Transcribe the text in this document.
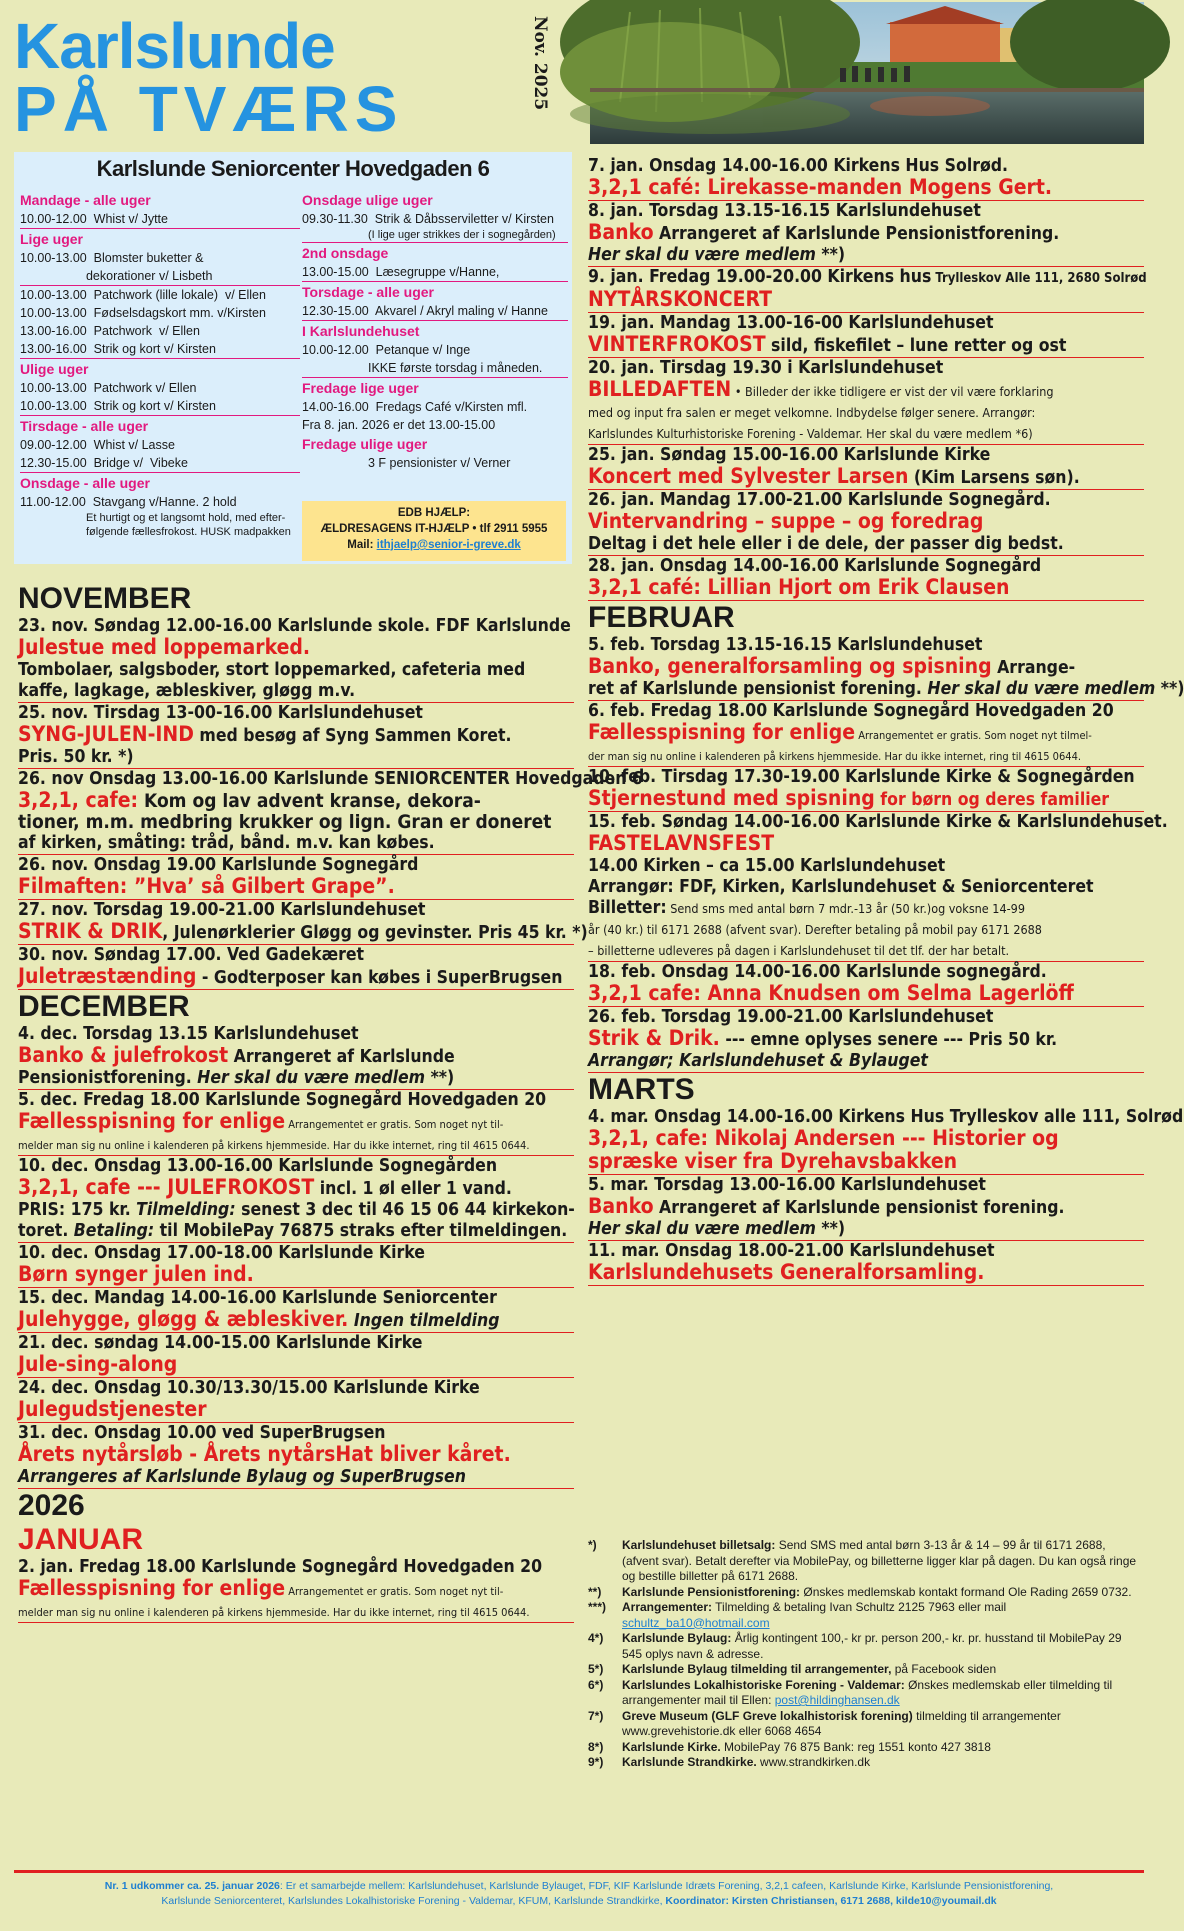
Karlslunde
PÅ TVÆRS	Nov. 2025
Karlslunde Seniorcenter Hovedgaden 6
Mandage - alle uger
10.00-12.00  Whist v/ Jytte
Lige uger
10.00-13.00  Blomster buketter &
dekorationer v/ Lisbeth
10.00-13.00  Patchwork (lille lokale)  v/ Ellen
10.00-13.00  Fødselsdagskort mm. v/Kirsten
13.00-16.00  Patchwork  v/ Ellen
13.00-16.00  Strik og kort v/ Kirsten
Ulige uger
10.00-13.00  Patchwork v/ Ellen
10.00-13.00  Strik og kort v/ Kirsten
Tirsdage - alle uger
09.00-12.00  Whist v/ Lasse
12.30-15.00  Bridge v/  Vibeke
Onsdage - alle uger
11.00-12.00  Stavgang v/Hanne. 2 hold
Et hurtigt og et langsomt hold, med efter-
følgende fællesfrokost. HUSK madpakken
Onsdage ulige uger
09.30-11.30  Strik & Dåbsserviletter v/ Kirsten
(I lige uger strikkes der i sognegården)
2nd onsdage
13.00-15.00  Læsegruppe v/Hanne,
Torsdage - alle uger
12.30-15.00  Akvarel / Akryl maling v/ Hanne
I Karlslundehuset
10.00-12.00  Petanque v/ Inge
IKKE første torsdag i måneden.
Fredage lige uger
14.00-16.00  Fredags Café v/Kirsten mfl.
Fra 8. jan. 2026 er det 13.00-15.00
Fredage ulige uger
3 F pensionister v/ Verner
EDB HJÆLP:
ÆLDRESAGENS IT-HJÆLP • tlf 2911 5955
Mail: ithjaelp@senior-i-greve.dk
NOVEMBER
23. nov. Søndag 12.00-16.00 Karlslunde skole. FDF Karlslunde
Julestue med loppemarked.
Tombolaer, salgsboder, stort loppemarked, cafeteria med
kaffe, lagkage, æbleskiver, gløgg m.v.
25. nov. Tirsdag 13-00-16.00 Karlslundehuset
SYNG-JULEN-IND med besøg af Syng Sammen Koret.
Pris. 50 kr. *)
26. nov Onsdag 13.00-16.00 Karlslunde SENIORCENTER Hovedgaden 6
3,2,1, cafe: Kom og lav advent kranse, dekora-
tioner, m.m. medbring krukker og lign. Gran er doneret
af kirken, småting: tråd, bånd. m.v. kan købes.
26. nov. Onsdag 19.00 Karlslunde Sognegård
Filmaften: ”Hva’ så Gilbert Grape”.
27. nov. Torsdag 19.00-21.00 Karlslundehuset
STRIK & DRIK, Julenørklerier Gløgg og gevinster. Pris 45 kr. *)
30. nov. Søndag 17.00. Ved Gadekæret
Juletræstænding - Godterposer kan købes i SuperBrugsen
DECEMBER
4. dec. Torsdag 13.15 Karlslundehuset
Banko & julefrokost Arrangeret af Karlslunde
Pensionistforening. Her skal du være medlem **)
5. dec. Fredag 18.00 Karlslunde Sognegård Hovedgaden 20
Fællesspisning for enlige Arrangementet er gratis. Som noget nyt til-
melder man sig nu online i kalenderen på kirkens hjemmeside. Har du ikke internet, ring til 4615 0644.
10. dec. Onsdag 13.00-16.00 Karlslunde Sognegården
3,2,1, cafe --- JULEFROKOST incl. 1 øl eller 1 vand.
PRIS: 175 kr. Tilmelding: senest 3 dec til 46 15 06 44 kirkekon-
toret. Betaling: til MobilePay 76875 straks efter tilmeldingen.
10. dec. Onsdag 17.00-18.00 Karlslunde Kirke
Børn synger julen ind.
15. dec. Mandag 14.00-16.00 Karlslunde Seniorcenter
Julehygge, gløgg & æbleskiver. Ingen tilmelding
21. dec. søndag 14.00-15.00 Karlslunde Kirke
Jule-sing-along
24. dec. Onsdag 10.30/13.30/15.00 Karlslunde Kirke
Julegudstjenester
31. dec. Onsdag 10.00 ved SuperBrugsen
Årets nytårsløb - Årets nytårsHat bliver kåret.
Arrangeres af Karlslunde Bylaug og SuperBrugsen
2026
JANUAR
2. jan. Fredag 18.00 Karlslunde Sognegård Hovedgaden 20
Fællesspisning for enlige Arrangementet er gratis. Som noget nyt til-
melder man sig nu online i kalenderen på kirkens hjemmeside. Har du ikke internet, ring til 4615 0644.
7. jan. Onsdag 14.00-16.00 Kirkens Hus Solrød.
3,2,1 café: Lirekasse-manden Mogens Gert.
8. jan. Torsdag 13.15-16.15 Karlslundehuset
Banko Arrangeret af Karlslunde Pensionistforening.
Her skal du være medlem **)
9. jan. Fredag 19.00-20.00 Kirkens hus Trylleskov Alle 111, 2680 Solrød
NYTÅRSKONCERT
19. jan. Mandag 13.00-16-00 Karlslundehuset
VINTERFROKOST sild, fiskefilet – lune retter og ost
20. jan. Tirsdag 19.30 i Karlslundehuset
BILLEDAFTEN • Billeder der ikke tidligere er vist der vil være forklaring
med og input fra salen er meget velkomne. Indbydelse følger senere. Arrangør:
Karlslundes Kulturhistoriske Forening - Valdemar. Her skal du være medlem *6)
25. jan. Søndag 15.00-16.00 Karlslunde Kirke
Koncert med Sylvester Larsen (Kim Larsens søn).
26. jan. Mandag 17.00-21.00 Karlslunde Sognegård.
Vintervandring – suppe – og foredrag
Deltag i det hele eller i de dele, der passer dig bedst.
28. jan. Onsdag 14.00-16.00 Karlslunde Sognegård
3,2,1 café: Lillian Hjort om Erik Clausen
FEBRUAR
5. feb. Torsdag 13.15-16.15 Karlslundehuset
Banko, generalforsamling og spisning Arrange-
ret af Karlslunde pensionist forening. Her skal du være medlem **)
6. feb. Fredag 18.00 Karlslunde Sognegård Hovedgaden 20
Fællesspisning for enlige Arrangementet er gratis. Som noget nyt tilmel-
der man sig nu online i kalenderen på kirkens hjemmeside. Har du ikke internet, ring til 4615 0644.
10. feb. Tirsdag 17.30-19.00 Karlslunde Kirke & Sognegården
Stjernestund med spisning for børn og deres familier
15. feb. Søndag 14.00-16.00 Karlslunde Kirke & Karlslundehuset.
FASTELAVNSFEST
14.00 Kirken – ca 15.00 Karlslundehuset
Arrangør: FDF, Kirken, Karlslundehuset & Seniorcenteret
Billetter: Send sms med antal børn 7 mdr.-13 år (50 kr.)og voksne 14-99
år (40 kr.) til 6171 2688 (afvent svar). Derefter betaling på mobil pay 6171 2688
– billetterne udleveres på dagen i Karlslundehuset til det tlf. der har betalt.
18. feb. Onsdag 14.00-16.00 Karlslunde sognegård.
3,2,1 cafe: Anna Knudsen om Selma Lagerlöff
26. feb. Torsdag 19.00-21.00 Karlslundehuset
Strik & Drik. --- emne oplyses senere --- Pris 50 kr.
Arrangør; Karlslundehuset & Bylauget
MARTS
4. mar. Onsdag 14.00-16.00 Kirkens Hus Trylleskov alle 111, Solrød
3,2,1, cafe: Nikolaj Andersen --- Historier og
spræske viser fra Dyrehavsbakken
5. mar. Torsdag 13.00-16.00 Karlslundehuset
Banko Arrangeret af Karlslunde pensionist forening.
Her skal du være medlem **)
11. mar. Onsdag 18.00-21.00 Karlslundehuset
Karlslundehusets Generalforsamling.
*)	Karlslundehuset billetsalg: Send SMS med antal børn 3-13 år & 14 – 99 år til 6171 2688, (afvent svar). Betalt derefter via MobilePay, og billetterne ligger klar på dagen. Du kan også ringe og bestille billetter på 6171 2688.
**)	Karlslunde Pensionistforening: Ønskes medlemskab kontakt formand Ole Rading 2659 0732.
***)	Arrangementer: Tilmelding & betaling Ivan Schultz 2125 7963 eller mail schultz_ba10@hotmail.com
4*)	Karlslunde Bylaug: Årlig kontingent 100,- kr pr. person 200,- kr. pr. husstand til MobilePay 29 545 oplys navn & adresse.
5*)	Karlslunde Bylaug tilmelding til arrangementer, på Facebook siden
6*)	Karlslundes Lokalhistoriske Forening - Valdemar: Ønskes medlemskab eller tilmelding til arrangementer mail til Ellen: post@hildinghansen.dk
7*)	Greve Museum (GLF Greve lokalhistorisk forening) tilmelding til arrangementer www.grevehistorie.dk eller 6068 4654
8*)	Karlslunde Kirke. MobilePay 76 875 Bank: reg 1551 konto 427 3818
9*)	Karlslunde Strandkirke. www.strandkirken.dk
Nr. 1 udkommer ca. 25. januar 2026: Er et samarbejde mellem: Karlslundehuset, Karlslunde Bylauget, FDF, KIF Karlslunde Idræts Forening, 3,2,1 cafeen, Karlslunde Kirke, Karlslunde Pensionistforening,
Karlslunde Seniorcenteret, Karlslundes Lokalhistoriske Forening - Valdemar, KFUM, Karlslunde Strandkirke, Koordinator: Kirsten Christiansen, 6171 2688, kilde10@youmail.dk
